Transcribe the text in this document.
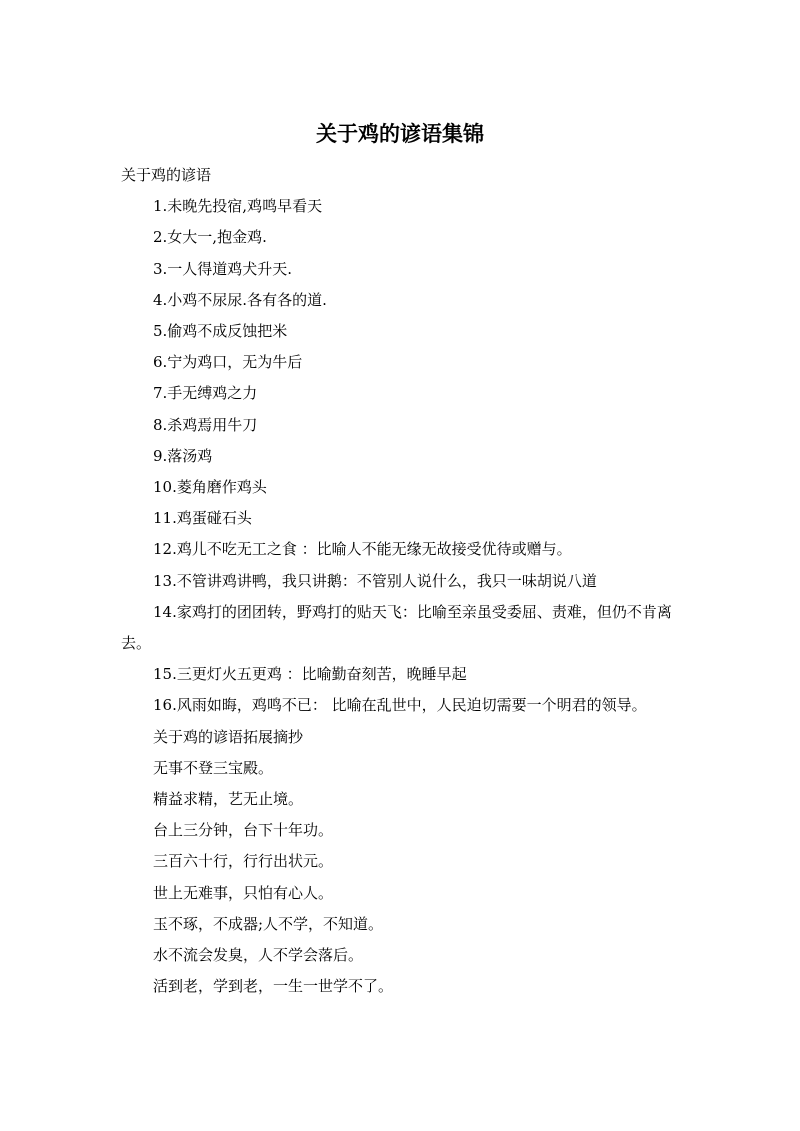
关于鸡的谚语集锦

关于鸡的谚语

1.未晚先投宿,鸡鸣早看天

2.女大一,抱金鸡.

3.一人得道鸡犬升天.

4.小鸡不尿尿.各有各的道.

5.偷鸡不成反蚀把米

6.宁为鸡口，无为牛后

7.手无缚鸡之力

8.杀鸡焉用牛刀

9.落汤鸡

10.菱角磨作鸡头

11.鸡蛋碰石头

12.鸡儿不吃无工之食 ：比喻人不能无缘无故接受优待或赠与。

13.不管讲鸡讲鸭，我只讲鹅：不管别人说什么，我只一味胡说八道

14.家鸡打的团团转，野鸡打的贴天飞：比喻至亲虽受委屈、责难，但仍不肯离去。

15.三更灯火五更鸡 ：比喻勤奋刻苦，晚睡早起

16.风雨如晦，鸡鸣不已： 比喻在乱世中，人民迫切需要一个明君的领导。

关于鸡的谚语拓展摘抄

无事不登三宝殿。

精益求精，艺无止境。

台上三分钟，台下十年功。

三百六十行，行行出状元。

世上无难事，只怕有心人。

玉不琢，不成器;人不学，不知道。

水不流会发臭，人不学会落后。

活到老，学到老，一生一世学不了。
